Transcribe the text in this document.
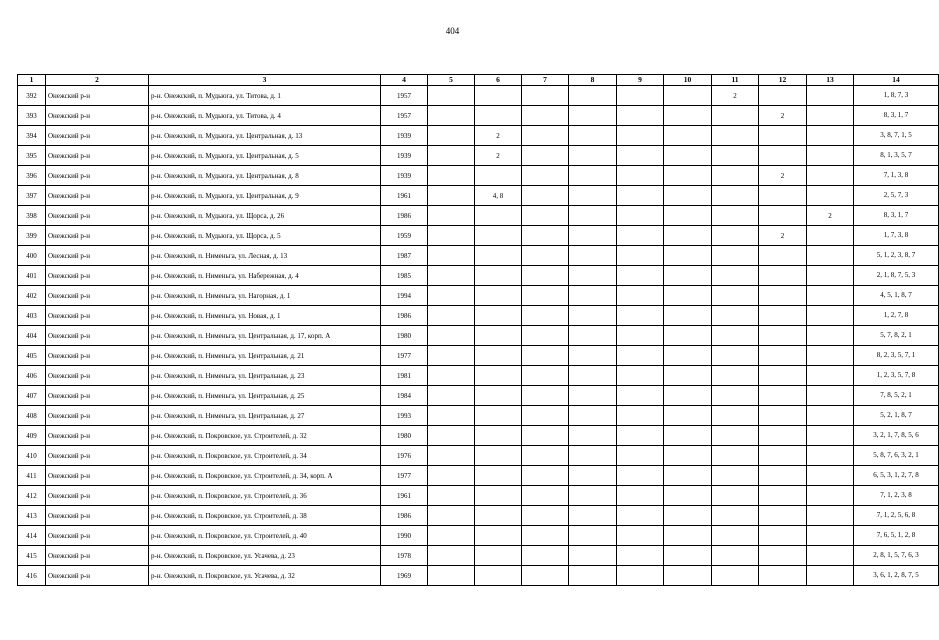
404
1	2	3	4	5	6	7	8	9	10	11	12	13	14
392	Онежский р-н	р-н. Онежский, п. Мудьюга, ул. Титова, д. 1	1957							2			1, 8, 7, 3
393	Онежский р-н	р-н. Онежский, п. Мудьюга, ул. Титова, д. 4	1957								2		8, 3, 1, 7
394	Онежский р-н	р-н. Онежский, п. Мудьюга, ул. Центральная, д. 13	1939		2								3, 8, 7, 1, 5
395	Онежский р-н	р-н. Онежский, п. Мудьюга, ул. Центральная, д. 5	1939		2								8, 1, 3, 5, 7
396	Онежский р-н	р-н. Онежский, п. Мудьюга, ул. Центральная, д. 8	1939								2		7, 1, 3, 8
397	Онежский р-н	р-н. Онежский, п. Мудьюга, ул. Центральная, д. 9	1961		4, 8								2, 5, 7, 3
398	Онежский р-н	р-н. Онежский, п. Мудьюга, ул. Щорса, д. 26	1986									2	8, 3, 1, 7
399	Онежский р-н	р-н. Онежский, п. Мудьюга, ул. Щорса, д. 5	1959								2		1, 7, 3, 8
400	Онежский р-н	р-н. Онежский, п. Нименьга, ул. Лесная, д. 13	1987										5, 1, 2, 3, 8, 7
401	Онежский р-н	р-н. Онежский, п. Нименьга, ул. Набережная, д. 4	1985										2, 1, 8, 7, 5, 3
402	Онежский р-н	р-н. Онежский, п. Нименьга, ул. Нагорная, д. 1	1994										4, 5, 1, 8, 7
403	Онежский р-н	р-н. Онежский, п. Нименьга, ул. Новая, д. 1	1986										1, 2, 7, 8
404	Онежский р-н	р-н. Онежский, п. Нименьга, ул. Центральная, д. 17, корп. А	1980										5, 7, 8, 2, 1
405	Онежский р-н	р-н. Онежский, п. Нименьга, ул. Центральная, д. 21	1977										8, 2, 3, 5, 7, 1
406	Онежский р-н	р-н. Онежский, п. Нименьга, ул. Центральная, д. 23	1981										1, 2, 3, 5, 7, 8
407	Онежский р-н	р-н. Онежский, п. Нименьга, ул. Центральная, д. 25	1984										7, 8, 5, 2, 1
408	Онежский р-н	р-н. Онежский, п. Нименьга, ул. Центральная, д. 27	1993										5, 2, 1, 8, 7
409	Онежский р-н	р-н. Онежский, п. Покровское, ул. Строителей, д. 32	1980										3, 2, 1, 7, 8, 5, 6
410	Онежский р-н	р-н. Онежский, п. Покровское, ул. Строителей, д. 34	1976										5, 8, 7, 6, 3, 2, 1
411	Онежский р-н	р-н. Онежский, п. Покровское, ул. Строителей, д. 34, корп. А	1977										6, 5, 3, 1, 2, 7, 8
412	Онежский р-н	р-н. Онежский, п. Покровское, ул. Строителей, д. 36	1961										7, 1, 2, 3, 8
413	Онежский р-н	р-н. Онежский, п. Покровское, ул. Строителей, д. 38	1986										7, 1, 2, 5, 6, 8
414	Онежский р-н	р-н. Онежский, п. Покровское, ул. Строителей, д. 40	1990										7, 6, 5, 1, 2, 8
415	Онежский р-н	р-н. Онежский, п. Покровское, ул. Усачева, д. 23	1978										2, 8, 1, 5, 7, 6, 3
416	Онежский р-н	р-н. Онежский, п. Покровское, ул. Усачева, д. 32	1969										3, 6, 1, 2, 8, 7, 5
